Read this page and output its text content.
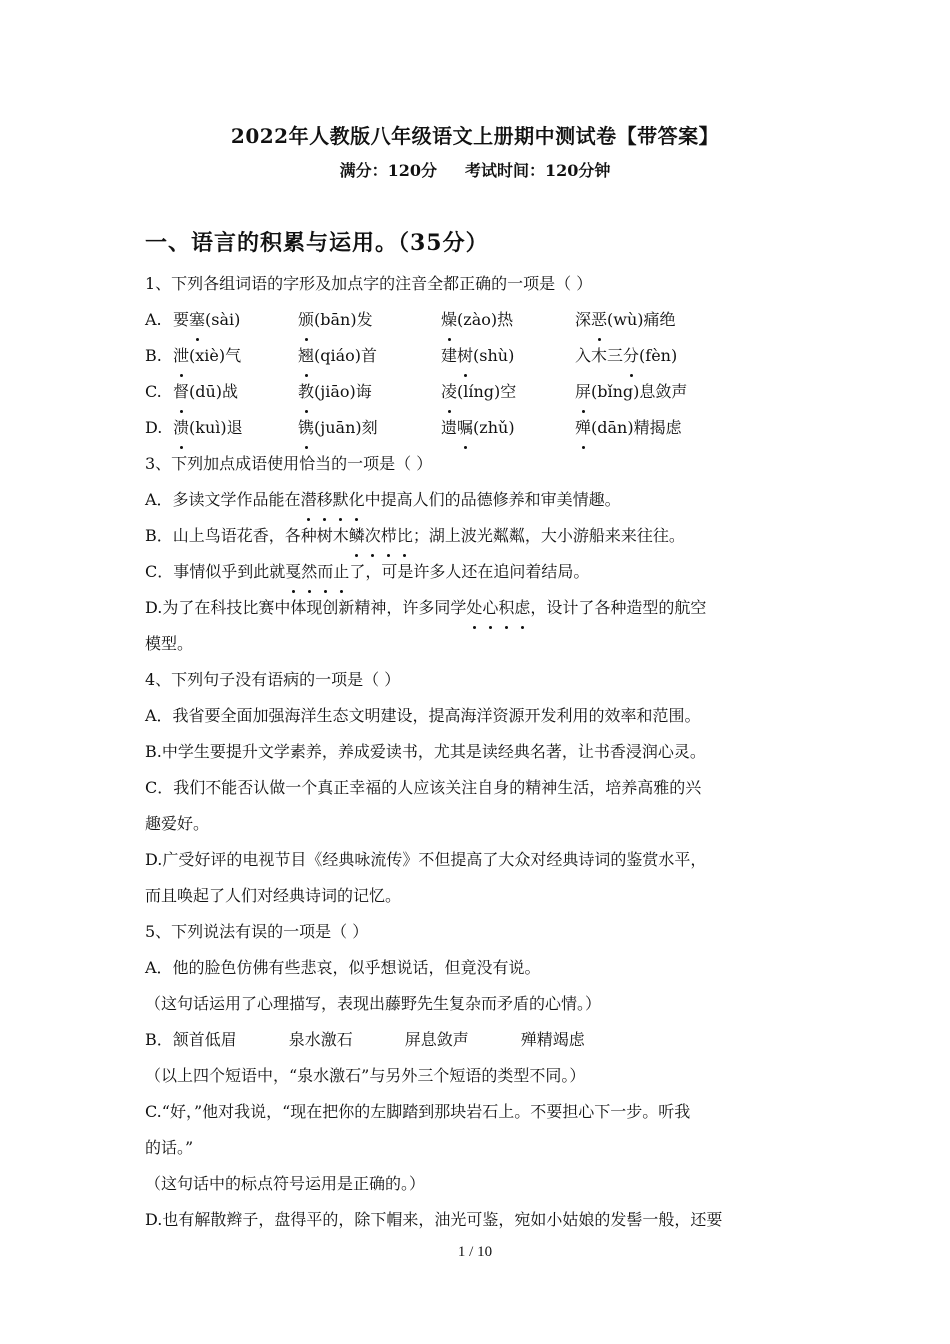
2022年人教版八年级语文上册期中测试卷【带答案】
满分：120分 考试时间：120分钟
一、语言的积累与运用。（35分）
1、下列各组词语的字形及加点字的注音全都正确的一项是（ ）
A. 要塞(sài)	颁(bān)发	燥(zào)热	深恶(wù)痛绝
B. 泄(xiè)气	翘(qiáo)首	建树(shù)	入木三分(fèn)
C. 督(dū)战	教(jiāo)诲	凌(líng)空	屏(bǐng)息敛声
D. 溃(kuì)退	镌(juān)刻	遗嘱(zhǔ)	殚(dān)精揭虑
3、下列加点成语使用恰当的一项是（ ）
A．多读文学作品能在潜移默化中提高人们的品德修养和审美情趣。
B．山上鸟语花香，各种树木鳞次栉比；湖上波光粼粼，大小游船来来往往。
C．事情似乎到此就戛然而止了，可是许多人还在追问着结局。
D.为了在科技比赛中体现创新精神，许多同学处心积虑，设计了各种造型的航空
模型。
4、下列句子没有语病的一项是（ ）
A．我省要全面加强海洋生态文明建设，提高海洋资源开发利用的效率和范围。
B.中学生要提升文学素养，养成爱读书，尤其是读经典名著，让书香浸润心灵。
C．我们不能否认做一个真正幸福的人应该关注自身的精神生活，培养高雅的兴
趣爱好。
D.广受好评的电视节目《经典咏流传》不但提高了大众对经典诗词的鉴赏水平，
而且唤起了人们对经典诗词的记忆。
5、下列说法有误的一项是（ ）
A．他的脸色仿佛有些悲哀，似乎想说话，但竟没有说。
（这句话运用了心理描写，表现出藤野先生复杂而矛盾的心情。）
B．颔首低眉	泉水激石	屏息敛声	殚精竭虑
（以上四个短语中，“泉水激石”与另外三个短语的类型不同。）
C.“好，”他对我说，“现在把你的左脚踏到那块岩石上。不要担心下一步。听我
的话。”
（这句话中的标点符号运用是正确的。）
D.也有解散辫子，盘得平的，除下帽来，油光可鉴，宛如小姑娘的发髻一般，还要
1 / 10
